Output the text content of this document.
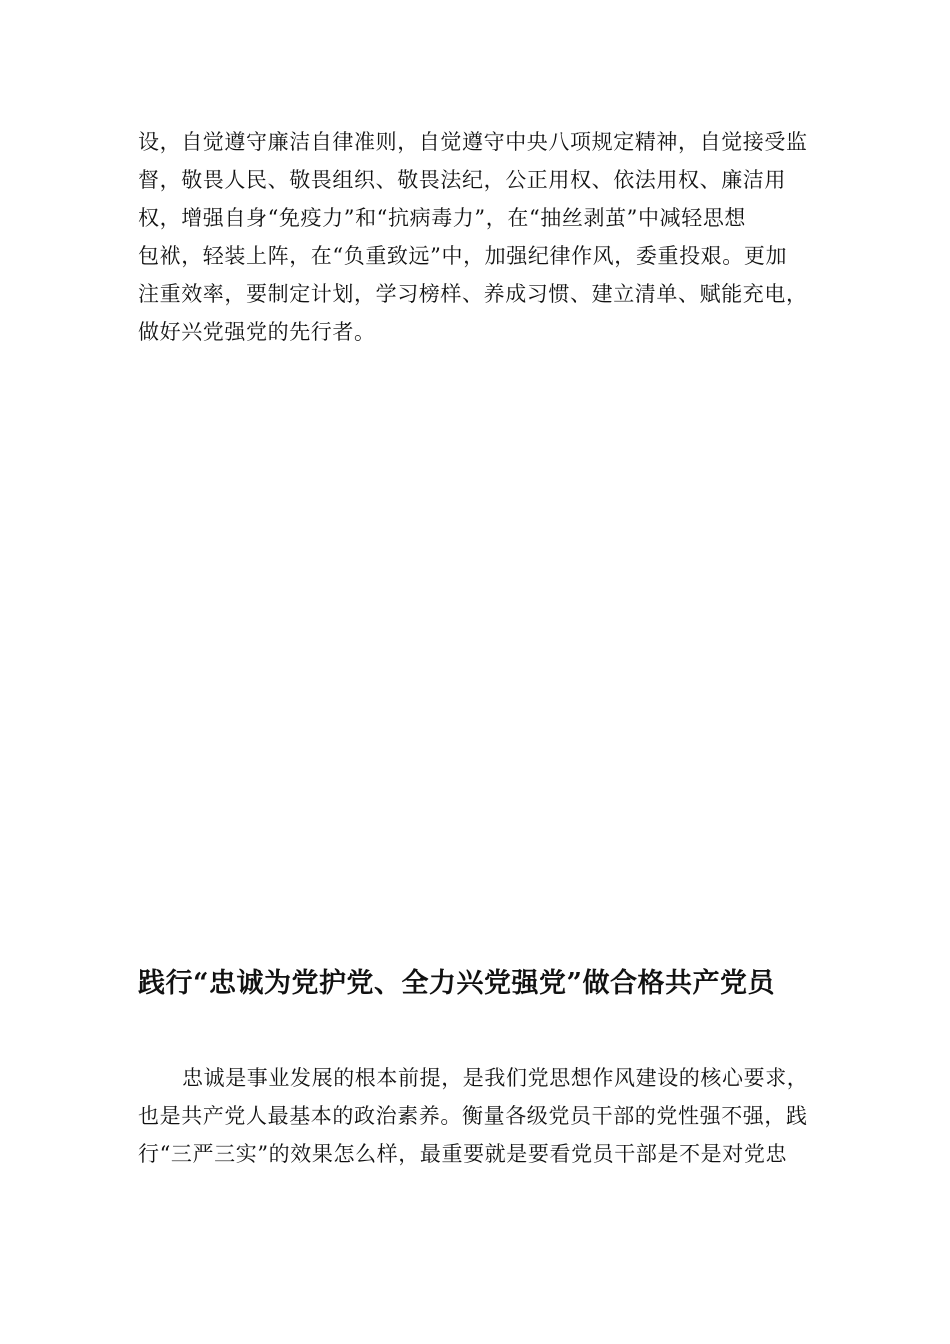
设，自觉遵守廉洁自律准则，自觉遵守中央八项规定精神，自觉接受监
督，敬畏人民、敬畏组织、敬畏法纪，公正用权、依法用权、廉洁用
权，增强自身“免疫力”和“抗病毒力”，在“抽丝剥茧”中减轻思想
包袱，轻装上阵，在“负重致远”中，加强纪律作风，委重投艰。更加
注重效率，要制定计划，学习榜样、养成习惯、建立清单、赋能充电，
做好兴党强党的先行者。
践行“忠诚为党护党、全力兴党强党”做合格共产党员
忠诚是事业发展的根本前提，是我们党思想作风建设的核心要求，
也是共产党人最基本的政治素养。衡量各级党员干部的党性强不强，践
行“三严三实”的效果怎么样，最重要就是要看党员干部是不是对党忠
